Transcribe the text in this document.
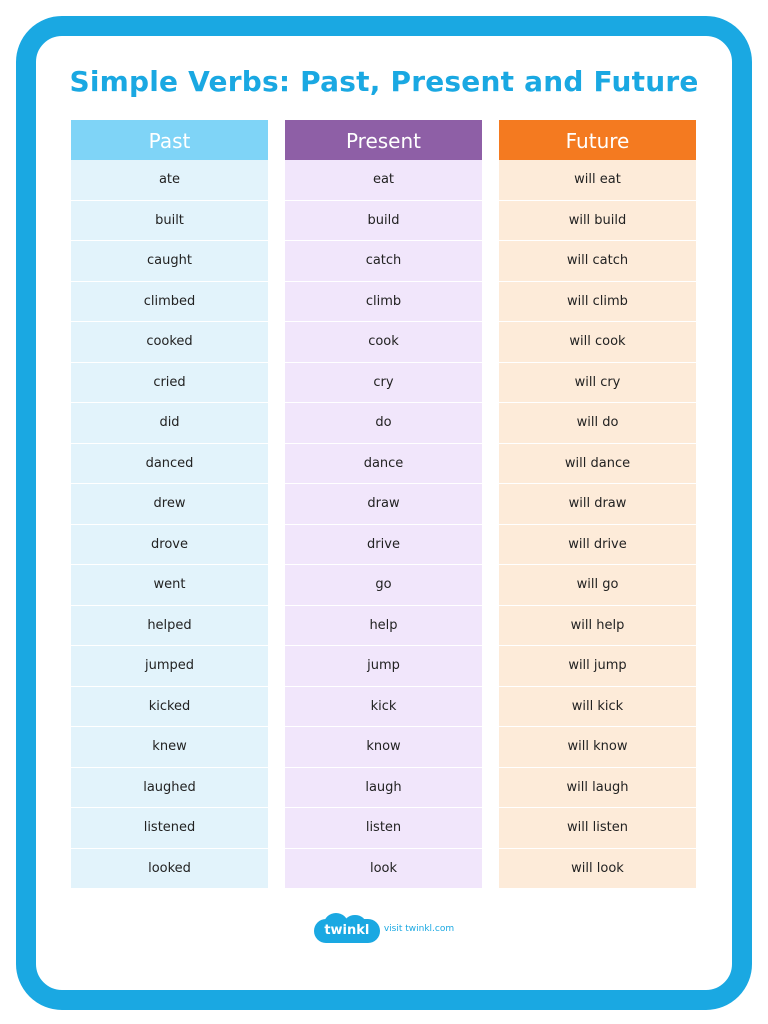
Simple Verbs: Past, Present and Future
Past
ate
built
caught
climbed
cooked
cried
did
danced
drew
drove
went
helped
jumped
kicked
knew
laughed
listened
looked
Present
eat
build
catch
climb
cook
cry
do
dance
draw
drive
go
help
jump
kick
know
laugh
listen
look
Future
will eat
will build
will catch
will climb
will cook
will cry
will do
will dance
will draw
will drive
will go
will help
will jump
will kick
will know
will laugh
will listen
will look
twinkl	visit twinkl.com
